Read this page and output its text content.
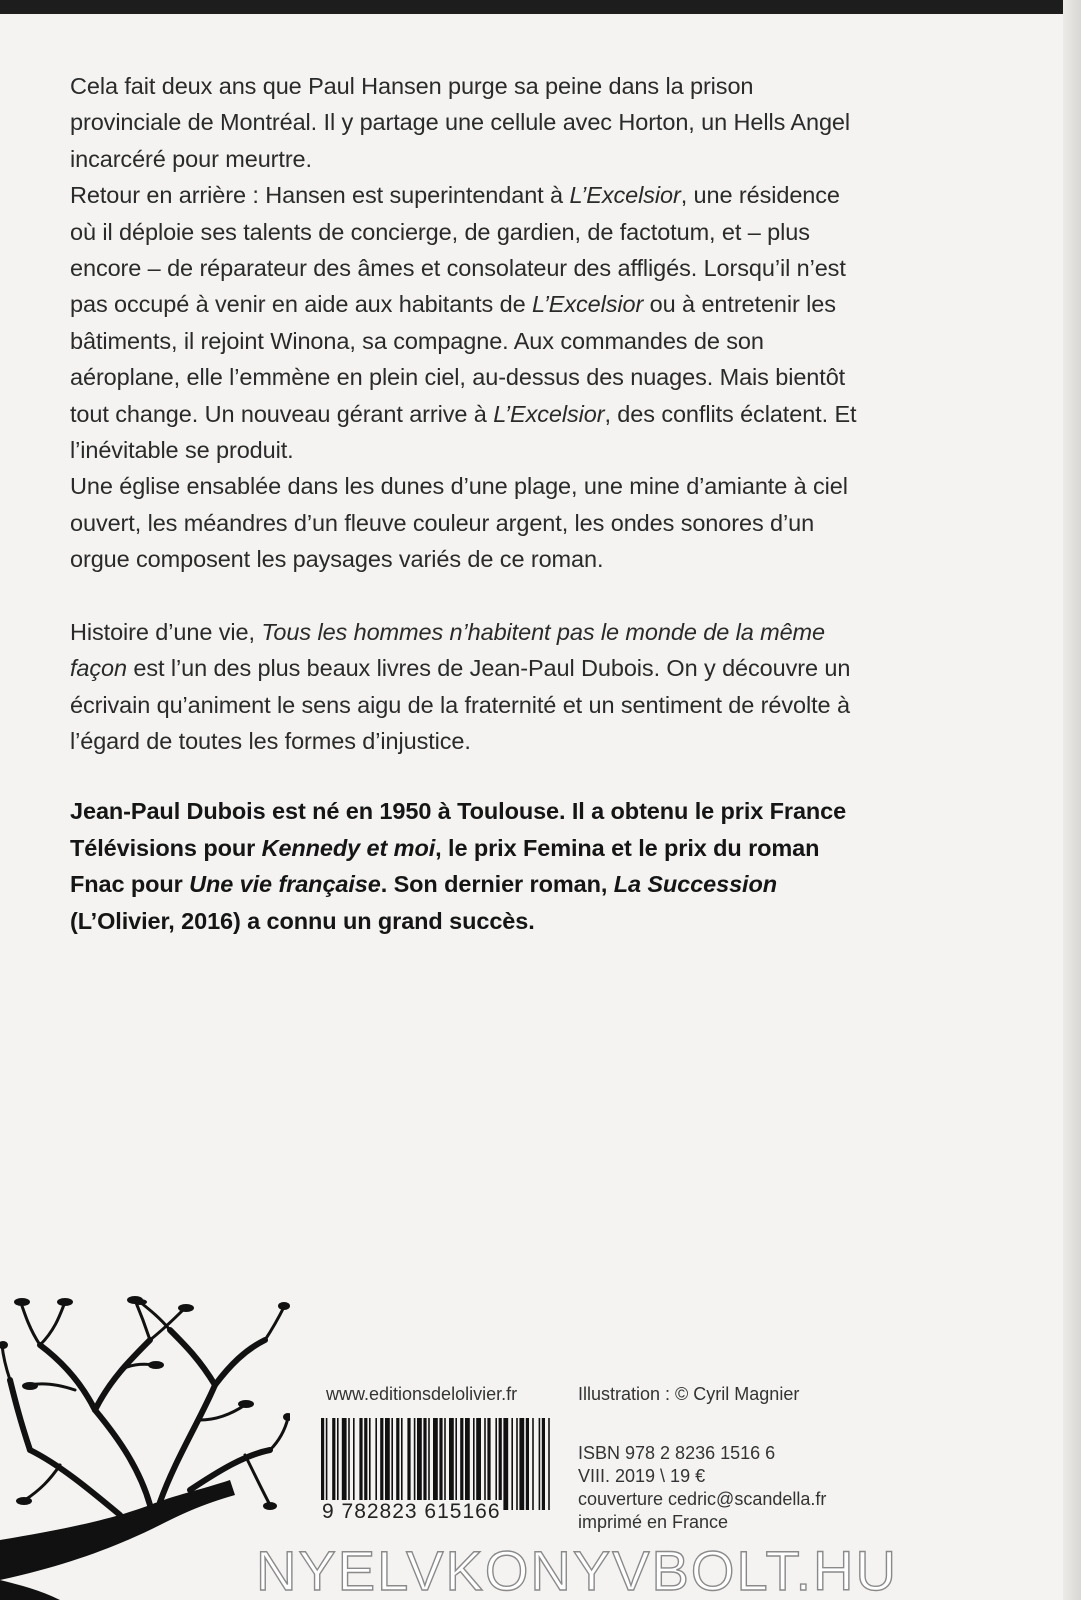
Cela fait deux ans que Paul Hansen purge sa peine dans la prison provinciale de Montréal. Il y partage une cellule avec Horton, un Hells Angel incarcéré pour meurtre.

Retour en arrière : Hansen est superintendant à L’Excelsior, une résidence où il déploie ses talents de concierge, de gardien, de factotum, et – plus encore – de réparateur des âmes et consolateur des affligés. Lorsqu’il n’est pas occupé à venir en aide aux habitants de L’Excelsior ou à entretenir les bâtiments, il rejoint Winona, sa compagne. Aux commandes de son aéroplane, elle l’emmène en plein ciel, au-dessus des nuages. Mais bientôt tout change. Un nouveau gérant arrive à L’Excelsior, des conflits éclatent. Et l’inévitable se produit.

Une église ensablée dans les dunes d’une plage, une mine d’amiante à ciel ouvert, les méandres d’un fleuve couleur argent, les ondes sonores d’un orgue composent les paysages variés de ce roman.

Histoire d’une vie, Tous les hommes n’habitent pas le monde de la même façon est l’un des plus beaux livres de Jean-Paul Dubois. On y découvre un écrivain qu’animent le sens aigu de la fraternité et un sentiment de révolte à l’égard de toutes les formes d’injustice.

Jean-Paul Dubois est né en 1950 à Toulouse. Il a obtenu le prix France Télévisions pour Kennedy et moi, le prix Femina et le prix du roman Fnac pour Une vie française. Son dernier roman, La Succession (L’Olivier, 2016) a connu un grand succès.

www.editionsdelolivier.fr	Illustration : © Cyril Magnier
9 782823 615166
ISBN 978 2 8236 1516 6
VIII. 2019 \ 19 €
couverture cedric@scandella.fr
imprimé en France
NYELVKONYVBOLT.HU
